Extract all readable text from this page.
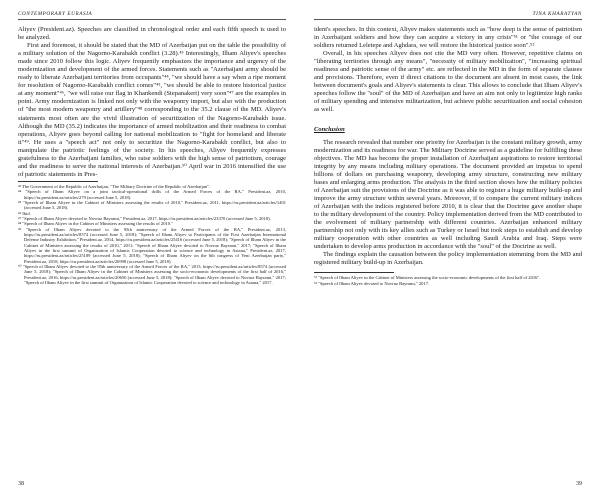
CONTEMPORARY EURASIA

Aliyev (President.az). Speeches are classified in chronological order and each fifth speech is used to be analyzed.

First and foremost, it should be stated that the MD of Azerbaijan put on the table the possibility of a military solution of the Nagorno-Karabakh conflict (3.28).⁴³ Interestingly, Ilham Aliyev's speeches made since 2010 follow this logic. Aliyev frequently emphasizes the importance and urgency of the modernization and development of the armed forces. Statements such as "Azerbaijani army should be ready to liberate Azerbaijani territories from occupants"⁴⁴, "we should have a say when a ripe moment for resolution of Nagorno-Karabakh conflict comes"⁴⁵, "we should be able to restore historical justice at any moment"⁴⁶, "we will raise our flag in Khankendi (Stepanakert) very soon"⁴⁷ are the examples in point. Army modernization is linked not only with the weaponry import, but also with the production of "the most modern weaponry and artillery"⁴⁸ corresponding to the 35.2 clause of the MD. Aliyev's statements most often are the vivid illustration of securitization of the Nagorno-Karabakh issue. Although the MD (35.2) indicates the importance of armed mobilization and their readiness to combat operations, Aliyev goes beyond calling for national mobilization to "fight for homeland and liberate it"⁴⁹. He uses a "speech act" not only to securitize the Nagorno-Karabakh conflict, but also to manipulate the patriotic feelings of the society. In his speeches, Aliyev frequently expresses gratefulness to the Azerbaijani families, who raise soldiers with the high sense of patriotism, courage and the readiness to serve the national interests of Azerbaijan.⁵⁰ April war in 2016 intensified the use of patriotic statements in Pres-

⁴³ The Government of the Republic of Azerbaijan, "The Military Doctrine of the Republic of Azerbaijan".

⁴⁴ "Speech of Ilham Aliyev on a joint tactical-operational drills of the Armed Forces of the RA," President.az, 2010, https://ru.president.az/articles/279 (accessed June 5, 2018).

⁴⁵ "Speech of Ilham Aliyev in the Cabinet of Ministers assessing the results of 2010," President.az, 2011, https://ru.president.az/articles/1401 (accessed June 5, 2018).

⁴⁶ Ibid.

⁴⁷ "Speech of Ilham Aliyev devoted to Novruz Bayrami," President.az, 2017, https://ru.president.az/articles/23370 (accessed June 5, 2018).

⁴⁸ "Speech of Ilham Aliyev in the Cabinet of Ministers assessing the results of 2010."

⁴⁹ "Speech of Ilham Aliyev devoted to the 95th anniversary of the Armed Forces of the RA," President.az, 2013, https://ru.president.az/articles/8574 (accessed June 5, 2018); "Speech of Ilham Aliyev to Participants of the First Azerbaijan International Defense Industry Exhibition," President.az, 2014, https://ru.president.az/articles/25416 (accessed June 5, 2018); "Speech of Ilham Aliyev in the Cabinet of Ministers assessing the results of 2010," 2011; "Speech of Ilham Aliyev devoted to Novruz Bayrami," 2017; "Speech of Ilham Aliyev in the first summit of Organization of Islamic Cooperation devoted to science and technology in Astana," President.az, 2017, https://ru.president.az/articles/25189 (accessed June 5, 2018); "Speech of Ilham Aliyev on the 6th congress of Yeni Azerbaijan party," President.az, 2018, https://ru.president.az/articles/26998 (accessed June 5, 2018).

⁵⁰ "Speech of Ilham Aliyev devoted to the 95th anniversary of the Armed Forces of the RA," 2013, https://ru.president.az/articles/8574 (accessed June 5, 2018); "Speech of Ilham Aliyev in the Cabinet of Ministers assessing the socio-economic developments of the first half of 2016," President.az, 2016, https://ru.president.az/articles/20650 (accessed June 5, 2018); "Speech of Ilham Aliyev devoted to Novruz Bayrami," 2017; "Speech of Ilham Aliyev in the first summit of Organization of Islamic Cooperation devoted to science and technology in Astana," 2017.

38
TINA KHARATYAN

ident's speeches. In this context, Aliyev makes statements such as "how deep is the sense of patriotism in Azerbaijani soldiers and how they can acquire a victory in any crisis"⁵¹ or "the courage of our soldiers returned Leletepe and Aghdara, we will restore the historical justice soon".⁵²

Overall, in his speeches Aliyev does not cite the MD very often. However, repetitive claims on "liberating territories through any means", "necessity of military mobilization", "increasing spiritual readiness and patriotic sense of the army" etc. are reflected in the MD in the form of separate clauses and provisions. Therefore, even if direct citations to the document are absent in most cases, the link between document's goals and Aliyev's statements is clear. This allows to conclude that Ilham Aliyev's speeches follow the "soul" of the MD of Azerbaijan and have an aim not only to legitimize high ranks of military spending and intensive militarization, but achieve public securitization and social cohesion as well.

Conclusion

The research revealed that number one priority for Azerbaijan is the constant military growth, army modernization and its readiness for war. The Military Doctrine served as a guideline for fulfilling these objectives. The MD has become the proper installation of Azerbaijani aspirations to restore territorial integrity by any means including military operations. The document provided an impetus to spend billions of dollars on purchasing weaponry, developing army structure, constructing new military bases and enlarging arms production. The analysis in the third section shows how the military policies of Azerbaijan suit the provisions of the Doctrine as it was able to register a huge military build-up and improve the army structure within several years. Moreover, if to compare the current military indices of Azerbaijan with the indices registered before 2010, it is clear that the Doctrine gave another shape to the military development of the country. Policy implementation derived from the MD contributed to the evolvement of military partnership with different countries. Azerbaijan enhanced military partnership not only with its key allies such as Turkey or Israel but took steps to establish and develop military cooperation with other countries as well including Saudi Arabia and Iraq. Steps were undertaken to develop arms production in accordance with the "soul" of the Doctrine as well.

The findings explain the causation between the policy implementation stemming from the MD and registered military build-up in Azerbaijan.

⁵¹ "Speech of Ilham Aliyev in the Cabinet of Ministers assessing the socio-economic developments of the first half of 2016".

⁵² "Speech of Ilham Aliyev devoted to Novruz Bayrami," 2017.

39
